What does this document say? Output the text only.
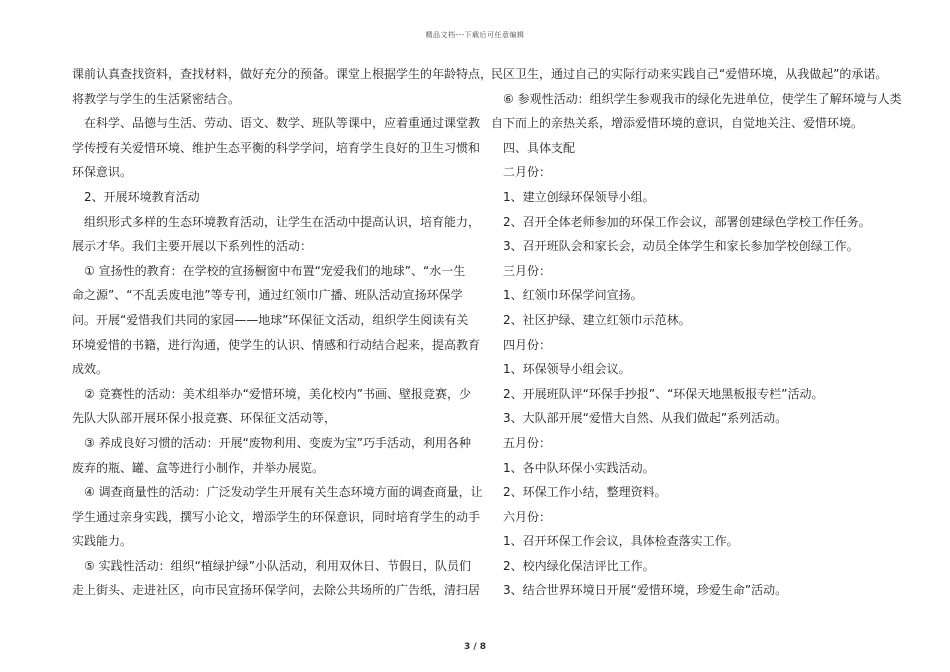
精品文档---下载后可任意编辑

课前认真查找资料，查找材料，做好充分的预备。课堂上根据学生的年龄特点，

将教学与学生的生活紧密结合。

　在科学、品德与生活、劳动、语文、数学、班队等课中，应着重通过课堂教

学传授有关爱惜环境、维护生态平衡的科学学问，培育学生良好的卫生习惯和

环保意识。

　2、开展环境教育活动

　组织形式多样的生态环境教育活动，让学生在活动中提高认识，培育能力，

展示才华。我们主要开展以下系列性的活动：

　① 宣扬性的教育：在学校的宣扬橱窗中布置“宠爱我们的地球”、“水一生

命之源”、“不乱丢废电池”等专刊，通过红领巾广播、班队活动宣扬环保学

问。开展“爱惜我们共同的家园——地球”环保征文活动，组织学生阅读有关

环境爱惜的书籍，进行沟通，使学生的认识、情感和行动结合起来，提高教育

成效。

　② 竞赛性的活动：美术组举办“爱惜环境，美化校内”书画、壁报竞赛，少

先队大队部开展环保小报竞赛、环保征文活动等，

　③ 养成良好习惯的活动：开展“废物利用、变废为宝”巧手活动，利用各种

废弃的瓶、罐、盒等进行小制作，并举办展览。

　④ 调查商量性的活动：广泛发动学生开展有关生态环境方面的调查商量，让

学生通过亲身实践，撰写小论文，增添学生的环保意识，同时培育学生的动手

实践能力。

　⑤ 实践性活动：组织“植绿护绿”小队活动，利用双休日、节假日，队员们

走上街头、走进社区，向市民宣扬环保学问，去除公共场所的广告纸，清扫居

民区卫生，通过自己的实际行动来实践自己“爱惜环境，从我做起”的承诺。

　⑥ 参观性活动：组织学生参观我市的绿化先进单位，使学生了解环境与人类

自下而上的亲热关系，增添爱惜环境的意识，自觉地关注、爱惜环境。

　四、具体支配

　二月份：

　1、建立创绿环保领导小组。

　2、召开全体老师参加的环保工作会议，部署创建绿色学校工作任务。

　3、召开班队会和家长会，动员全体学生和家长参加学校创绿工作。

　三月份：

　1、红领巾环保学问宣扬。

　2、社区护绿、建立红领巾示范林。

　四月份：

　1、环保领导小组会议。

　2、开展班队评“环保手抄报”、“环保天地黑板报专栏”活动。

　3、大队部开展“爱惜大自然、从我们做起”系列活动。

　五月份：

　1、各中队环保小实践活动。

　2、环保工作小结，整理资料。

　六月份：

　1、召开环保工作会议，具体检查落实工作。

　2、校内绿化保洁评比工作。

　3、结合世界环境日开展“爱惜环境，珍爱生命”活动。

3 / 8
